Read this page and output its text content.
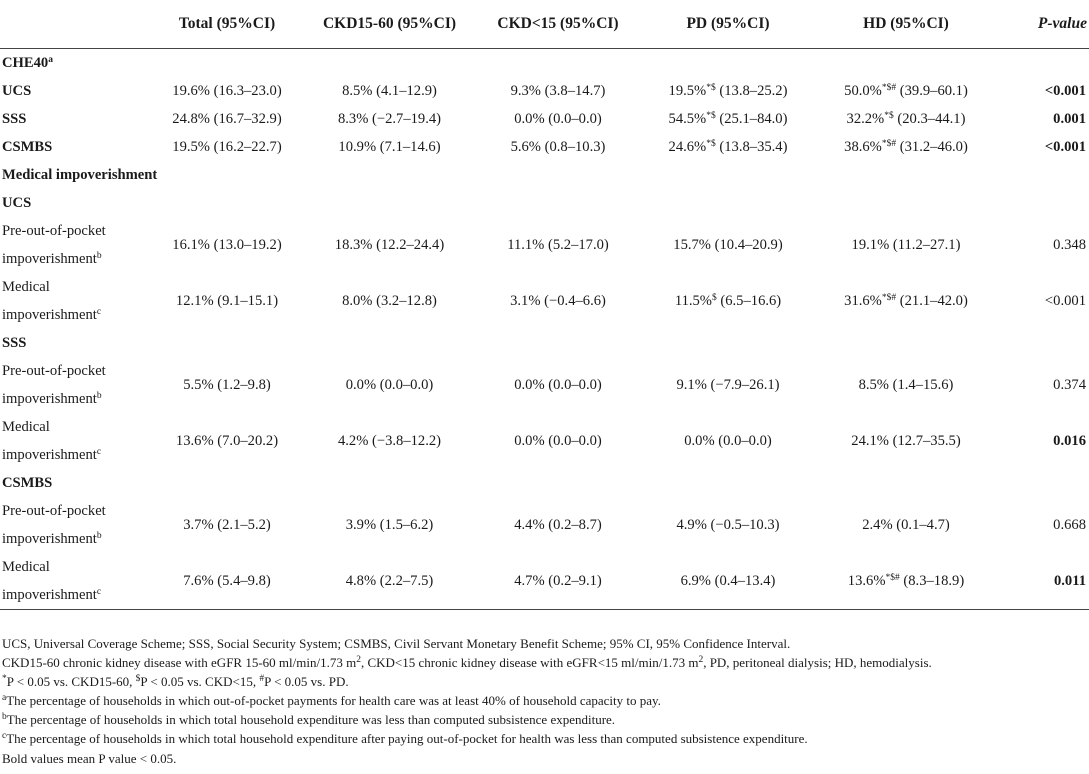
	Total (95%CI)	CKD15-60 (95%CI)	CKD<15 (95%CI)	PD (95%CI)	HD (95%CI)	P-value
CHE40$^a$
UCS	19.6% (16.3–23.0)	8.5% (4.1–12.9)	9.3% (3.8–14.7)	19.5%*$ (13.8–25.2)	50.0%*$# (39.9–60.1)	<0.001
SSS	24.8% (16.7–32.9)	8.3% (−2.7–19.4)	0.0% (0.0–0.0)	54.5%*$ (25.1–84.0)	32.2%*$ (20.3–44.1)	0.001
CSMBS	19.5% (16.2–22.7)	10.9% (7.1–14.6)	5.6% (0.8–10.3)	24.6%*$ (13.8–35.4)	38.6%*$# (31.2–46.0)	<0.001
Medical impoverishment						
UCS						

Pre-out-of-pocket
impoverishment$^b$	16.1% (13.0–19.2)	18.3% (12.2–24.4)	11.1% (5.2–17.0)	15.7% (10.4–20.9)	19.1% (11.2–27.1)	0.348

Medical
impoverishment$^c$	12.1% (9.1–15.1)	8.0% (3.2–12.8)	3.1% (−0.4–6.6)	11.5%$ (6.5–16.6)	31.6%*$# (21.1–42.0)	<0.001

SSS						

Pre-out-of-pocket
impoverishment$^b$	5.5% (1.2–9.8)	0.0% (0.0–0.0)	0.0% (0.0–0.0)	9.1% (−7.9–26.1)	8.5% (1.4–15.6)	0.374

Medical
impoverishment$^c$	13.6% (7.0–20.2)	4.2% (−3.8–12.2)	0.0% (0.0–0.0)	0.0% (0.0–0.0)	24.1% (12.7–35.5)	0.016

CSMBS						

Pre-out-of-pocket
impoverishment$^b$	3.7% (2.1–5.2)	3.9% (1.5–6.2)	4.4% (0.2–8.7)	4.9% (−0.5–10.3)	2.4% (0.1–4.7)	0.668

Medical
impoverishment$^c$	7.6% (5.4–9.8)	4.8% (2.2–7.5)	4.7% (0.2–9.1)	6.9% (0.4–13.4)	13.6%*$# (8.3–18.9)	0.011
UCS, Universal Coverage Scheme; SSS, Social Security System; CSMBS, Civil Servant Monetary Benefit Scheme; 95% CI, 95% Confidence Interval.
CKD15-60 chronic kidney disease with eGFR 15-60 ml/min/1.73 $m^2$, CKD<15 chronic kidney disease with eGFR<15 ml/min/1.73 $m^2$, PD, peritoneal dialysis; HD, hemodialysis.
*P < 0.05 vs. CKD15-60, $P < 0.05 vs. CKD<15, #P < 0.05 vs. PD.
$^a$The percentage of households in which out-of-pocket payments for health care was at least 40% of household capacity to pay.
$^b$The percentage of households in which total household expenditure was less than computed subsistence expenditure.
$^c$The percentage of households in which total household expenditure after paying out-of-pocket for health was less than computed subsistence expenditure.
Bold values mean P value < 0.05.
